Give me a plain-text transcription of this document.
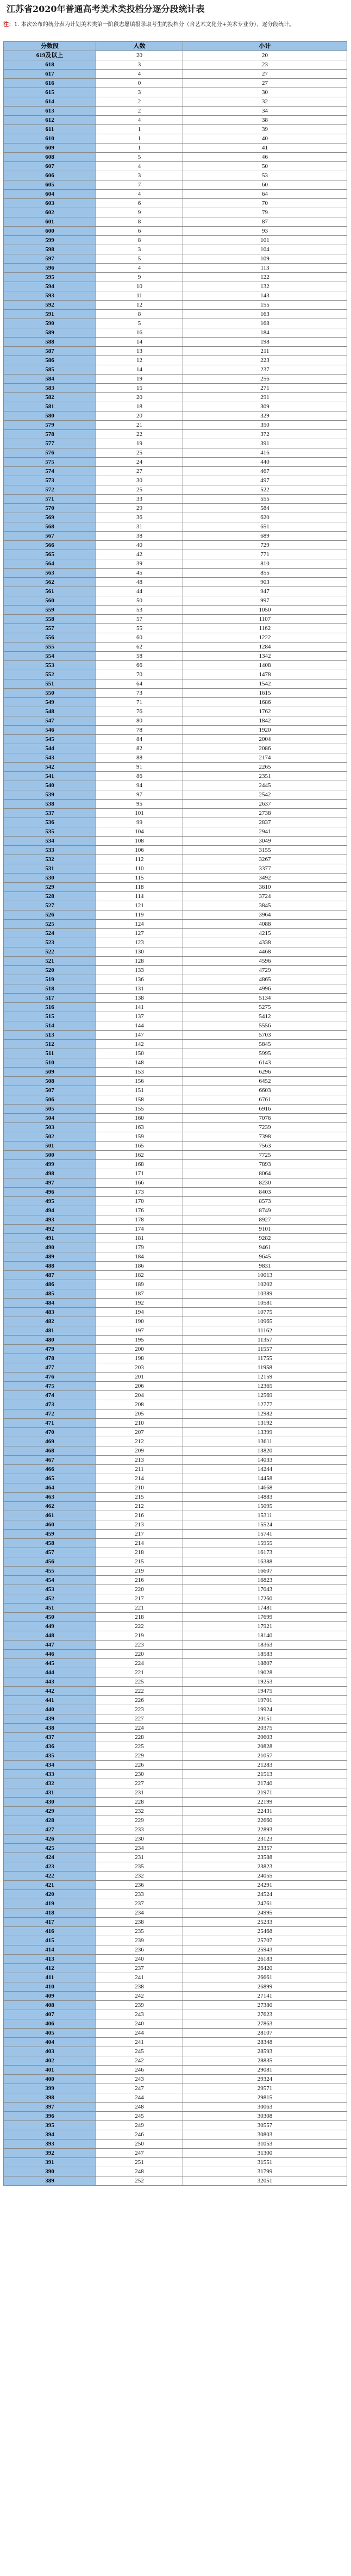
江苏省2020年普通高考美术类投档分逐分段统计表
注：1. 本次公布的统分表为计划美术类第一阶段志愿填报录取考生的投档分（含艺术文化分+美术专业分），逐分段统计。
分数段	人数	小计
619及以上	20	20
618	3	23
617	4	27
616	0	27
615	3	30
614	2	32
613	2	34
612	4	38
611	1	39
610	1	40
609	1	41
608	5	46
607	4	50
606	3	53
605	7	60
604	4	64
603	6	70
602	9	79
601	8	87
600	6	93
599	8	101
598	3	104
597	5	109
596	4	113
595	9	122
594	10	132
593	11	143
592	12	155
591	8	163
590	5	168
589	16	184
588	14	198
587	13	211
586	12	223
585	14	237
584	19	256
583	15	271
582	20	291
581	18	309
580	20	329
579	21	350
578	22	372
577	19	391
576	25	416
575	24	440
574	27	467
573	30	497
572	25	522
571	33	555
570	29	584
569	36	620
568	31	651
567	38	689
566	40	729
565	42	771
564	39	810
563	45	855
562	48	903
561	44	947
560	50	997
559	53	1050
558	57	1107
557	55	1162
556	60	1222
555	62	1284
554	58	1342
553	66	1408
552	70	1478
551	64	1542
550	73	1615
549	71	1686
548	76	1762
547	80	1842
546	78	1920
545	84	2004
544	82	2086
543	88	2174
542	91	2265
541	86	2351
540	94	2445
539	97	2542
538	95	2637
537	101	2738
536	99	2837
535	104	2941
534	108	3049
533	106	3155
532	112	3267
531	110	3377
530	115	3492
529	118	3610
528	114	3724
527	121	3845
526	119	3964
525	124	4088
524	127	4215
523	123	4338
522	130	4468
521	128	4596
520	133	4729
519	136	4865
518	131	4996
517	138	5134
516	141	5275
515	137	5412
514	144	5556
513	147	5703
512	142	5845
511	150	5995
510	148	6143
509	153	6296
508	156	6452
507	151	6603
506	158	6761
505	155	6916
504	160	7076
503	163	7239
502	159	7398
501	165	7563
500	162	7725
499	168	7893
498	171	8064
497	166	8230
496	173	8403
495	170	8573
494	176	8749
493	178	8927
492	174	9101
491	181	9282
490	179	9461
489	184	9645
488	186	9831
487	182	10013
486	189	10202
485	187	10389
484	192	10581
483	194	10775
482	190	10965
481	197	11162
480	195	11357
479	200	11557
478	198	11755
477	203	11958
476	201	12159
475	206	12365
474	204	12569
473	208	12777
472	205	12982
471	210	13192
470	207	13399
469	212	13611
468	209	13820
467	213	14033
466	211	14244
465	214	14458
464	210	14668
463	215	14883
462	212	15095
461	216	15311
460	213	15524
459	217	15741
458	214	15955
457	218	16173
456	215	16388
455	219	16607
454	216	16823
453	220	17043
452	217	17260
451	221	17481
450	218	17699
449	222	17921
448	219	18140
447	223	18363
446	220	18583
445	224	18807
444	221	19028
443	225	19253
442	222	19475
441	226	19701
440	223	19924
439	227	20151
438	224	20375
437	228	20603
436	225	20828
435	229	21057
434	226	21283
433	230	21513
432	227	21740
431	231	21971
430	228	22199
429	232	22431
428	229	22660
427	233	22893
426	230	23123
425	234	23357
424	231	23588
423	235	23823
422	232	24055
421	236	24291
420	233	24524
419	237	24761
418	234	24995
417	238	25233
416	235	25468
415	239	25707
414	236	25943
413	240	26183
412	237	26420
411	241	26661
410	238	26899
409	242	27141
408	239	27380
407	243	27623
406	240	27863
405	244	28107
404	241	28348
403	245	28593
402	242	28835
401	246	29081
400	243	29324
399	247	29571
398	244	29815
397	248	30063
396	245	30308
395	249	30557
394	246	30803
393	250	31053
392	247	31300
391	251	31551
390	248	31799
389	252	32051
